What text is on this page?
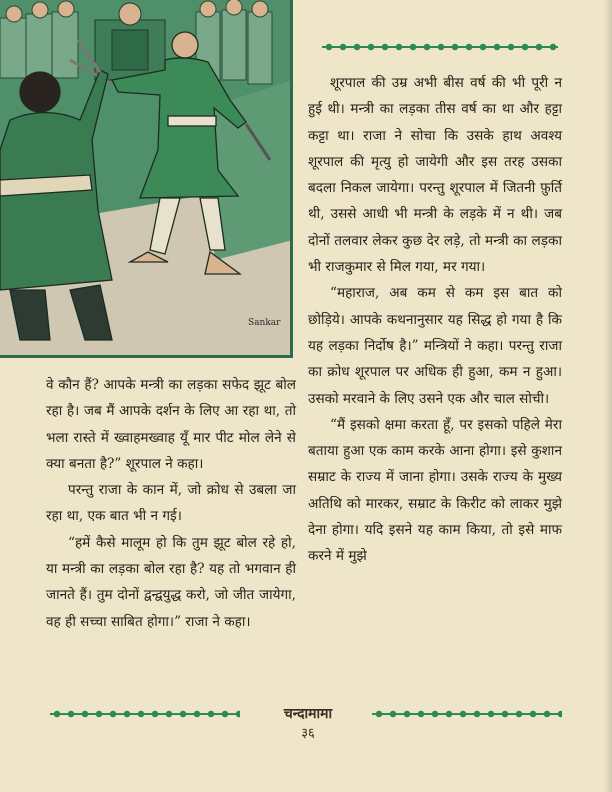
Sankar

शूरपाल की उम्र अभी बीस वर्ष की भी पूरी न हुई थी। मन्त्री का लड़का तीस वर्ष का था और हट्टा कट्टा था। राजा ने सोचा कि उसके हाथ अवश्य शूरपाल की मृत्यु हो जायेगी और इस तरह उसका बदला निकल जायेगा। परन्तु शूरपाल में जितनी फ़ुर्ति थी, उससे आधी भी मन्त्री के लड़के में न थी। जब दोनों तलवार लेकर कुछ देर लड़े, तो मन्त्री का लड़का भी राजकुमार से मिल गया, मर गया।

“महाराज, अब कम से कम इस बात को छोड़िये। आपके कथनानुसार यह सिद्ध हो गया है कि यह लड़का निर्दोष है।” मन्त्रियों ने कहा। परन्तु राजा का क्रोध शूरपाल पर अधिक ही हुआ, कम न हुआ। उसको मरवाने के लिए उसने एक और चाल सोची।

“मैं इसको क्षमा करता हूँ, पर इसको पहिले मेरा बताया हुआ एक काम करके आना होगा। इसे कुशान सम्राट के राज्य में जाना होगा। उसके राज्य के मुख्य अतिथि को मारकर, सम्राट के किरीट को लाकर मुझे देना होगा। यदि इसने यह काम किया, तो इसे माफ करने में मुझे

वे कौन हैं? आपके मन्त्री का लड़का सफेद झूट बोल रहा है। जब मैं आपके दर्शन के लिए आ रहा था, तो भला रास्ते में ख्वाहमख्वाह यूँ मार पीट मोल लेने से क्या बनता है?” शूरपाल ने कहा।

परन्तु राजा के कान में, जो क्रोध से उबला जा रहा था, एक बात भी न गई।

“हमें कैसे मालूम हो कि तुम झूट बोल रहे हो, या मन्त्री का लड़का बोल रहा है? यह तो भगवान ही जानते हैं। तुम दोनों द्वन्द्वयुद्ध करो, जो जीत जायेगा, वह ही सच्चा साबित होगा।” राजा ने कहा।

चन्दामामा
३६
